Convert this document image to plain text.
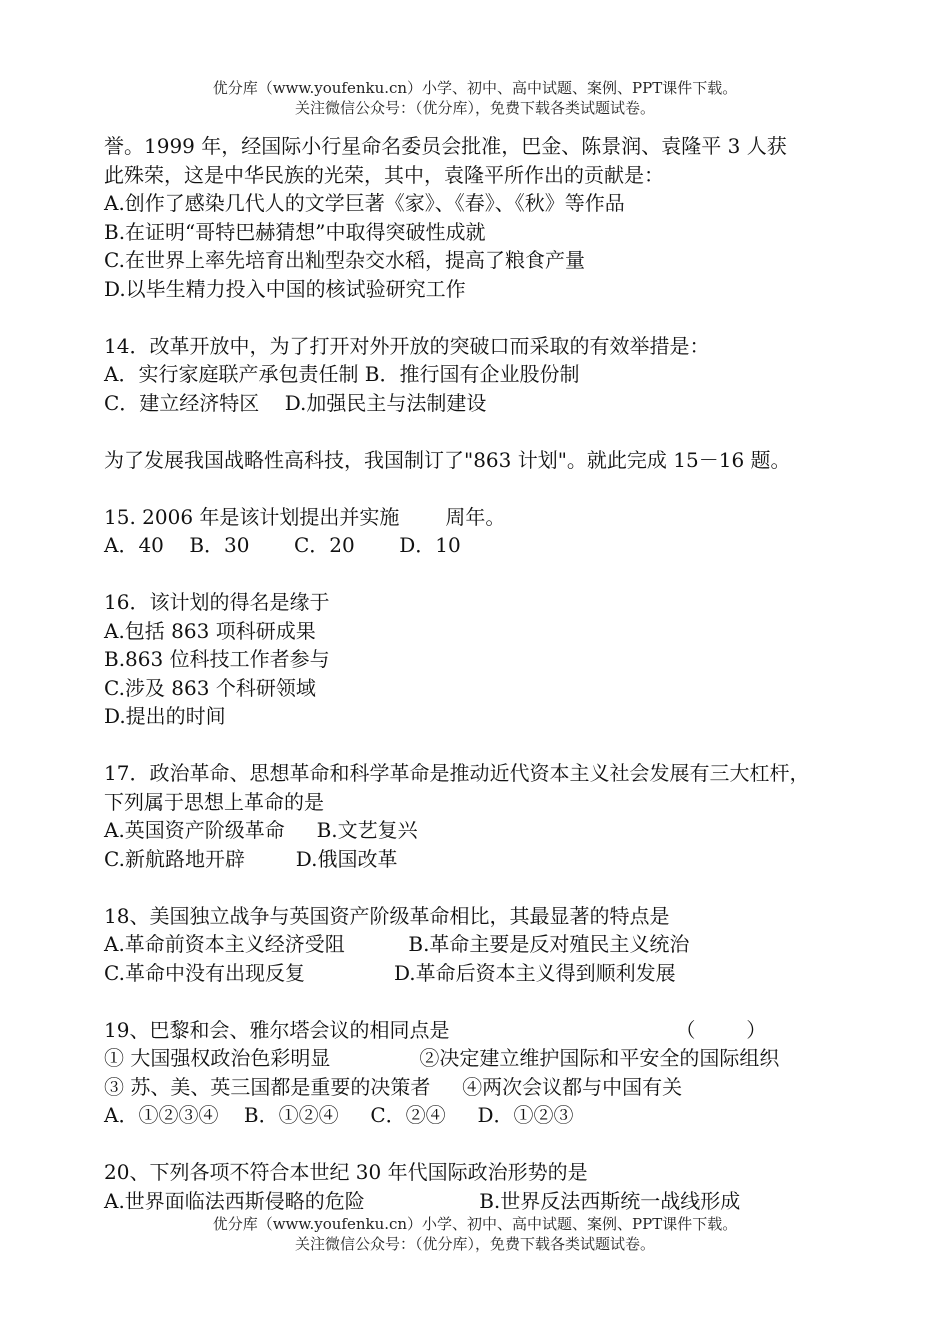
优分库（www.youfenku.cn）小学、初中、高中试题、案例、PPT课件下载。
关注微信公众号：（优分库），免费下载各类试题试卷。
誉。1999 年，经国际小行星命名委员会批准，巴金、陈景润、袁隆平 3 人获
此殊荣，这是中华民族的光荣，其中，袁隆平所作出的贡献是：
A.创作了感染几代人的文学巨著《家》、《春》、《秋》等作品
B.在证明“哥特巴赫猜想”中取得突破性成就
C.在世界上率先培育出籼型杂交水稻，提高了粮食产量
D.以毕生精力投入中国的核试验研究工作
14．改革开放中，为了打开对外开放的突破口而采取的有效举措是：
A．实行家庭联产承包责任制 B．推行国有企业股份制
C．建立经济特区    D.加强民主与法制建设
为了发展我国战略性高科技，我国制订了"863 计划"。就此完成 15－16 题。
15. 2006 年是该计划提出并实施 周年。
A．40    B．30       C．20       D．10
16．该计划的得名是缘于
A.包括 863 项科研成果
B.863 位科技工作者参与
C.涉及 863 个科研领域
D.提出的时间
17．政治革命、思想革命和科学革命是推动近代资本主义社会发展有三大杠杆，
下列属于思想上革命的是
A.英国资产阶级革命     B.文艺复兴
C.新航路地开辟        D.俄国改革
18、美国独立战争与英国资产阶级革命相比，其最显著的特点是
A.革命前资本主义经济受阻          B.革命主要是反对殖民主义统治
C.革命中没有出现反复              D.革命后资本主义得到顺利发展
19、巴黎和会、雅尔塔会议的相同点是	（        ）
① 大国强权政治色彩明显              ②决定建立维护国际和平安全的国际组织
③ 苏、美、英三国都是重要的决策者     ④两次会议都与中国有关
A．①②③④    B．①②④     C．②④     D．①②③
20、下列各项不符合本世纪 30 年代国际政治形势的是
A.世界面临法西斯侵略的危险                  B.世界反法西斯统一战线形成
优分库（www.youfenku.cn）小学、初中、高中试题、案例、PPT课件下载。
关注微信公众号：（优分库），免费下载各类试题试卷。
